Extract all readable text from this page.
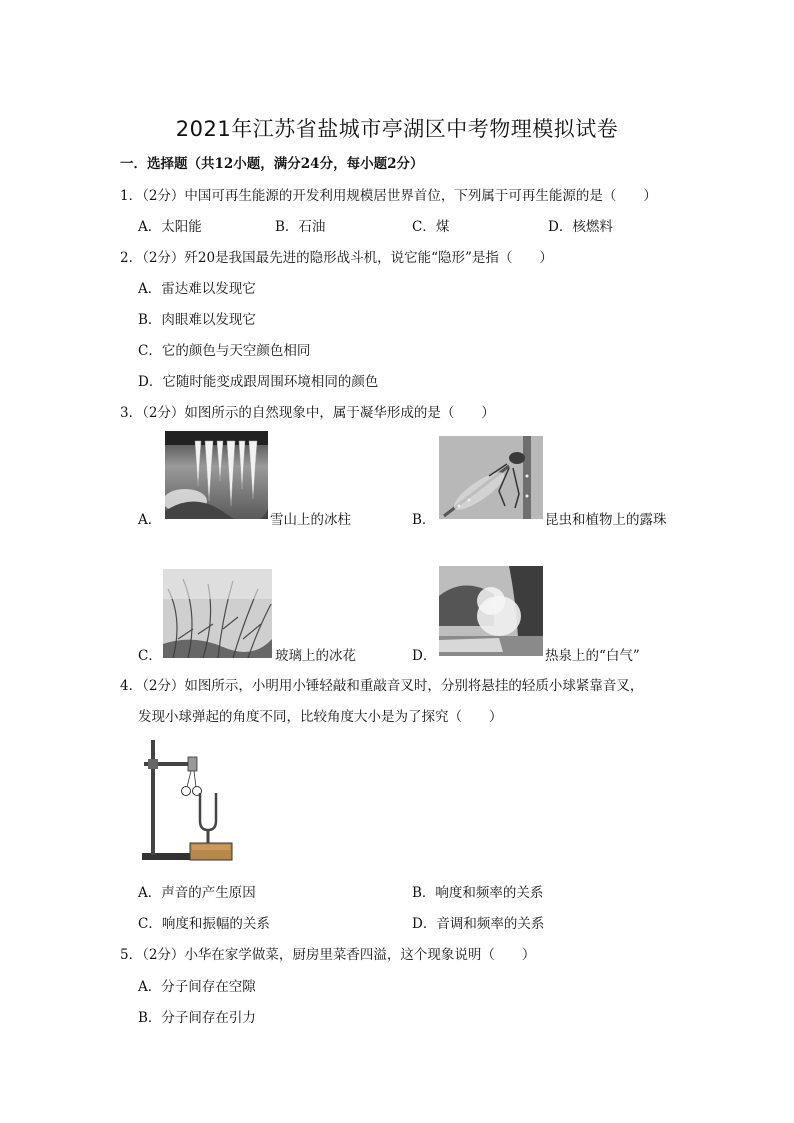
2021年江苏省盐城市亭湖区中考物理模拟试卷
一．选择题（共12小题，满分24分，每小题2分）
1．（2分）中国可再生能源的开发利用规模居世界首位，下列属于可再生能源的是（　　）
A．太阳能	B．石油	C．煤	D．核燃料
2．（2分）歼20是我国最先进的隐形战斗机，说它能“隐形”是指（　　）
A．雷达难以发现它
B．肉眼难以发现它
C．它的颜色与天空颜色相同
D．它随时能变成跟周围环境相同的颜色
3．（2分）如图所示的自然现象中，属于凝华形成的是（　　）
A．	雪山上的冰柱	B．	昆虫和植物上的露珠
C．	玻璃上的冰花	D．	热泉上的“白气”
4．（2分）如图所示，小明用小锤轻敲和重敲音叉时，分别将悬挂的轻质小球紧靠音叉，
发现小球弹起的角度不同，比较角度大小是为了探究（　　）
A．声音的产生原因	B．响度和频率的关系
C．响度和振幅的关系	D．音调和频率的关系
5．（2分）小华在家学做菜，厨房里菜香四溢，这个现象说明（　　）
A．分子间存在空隙
B．分子间存在引力
